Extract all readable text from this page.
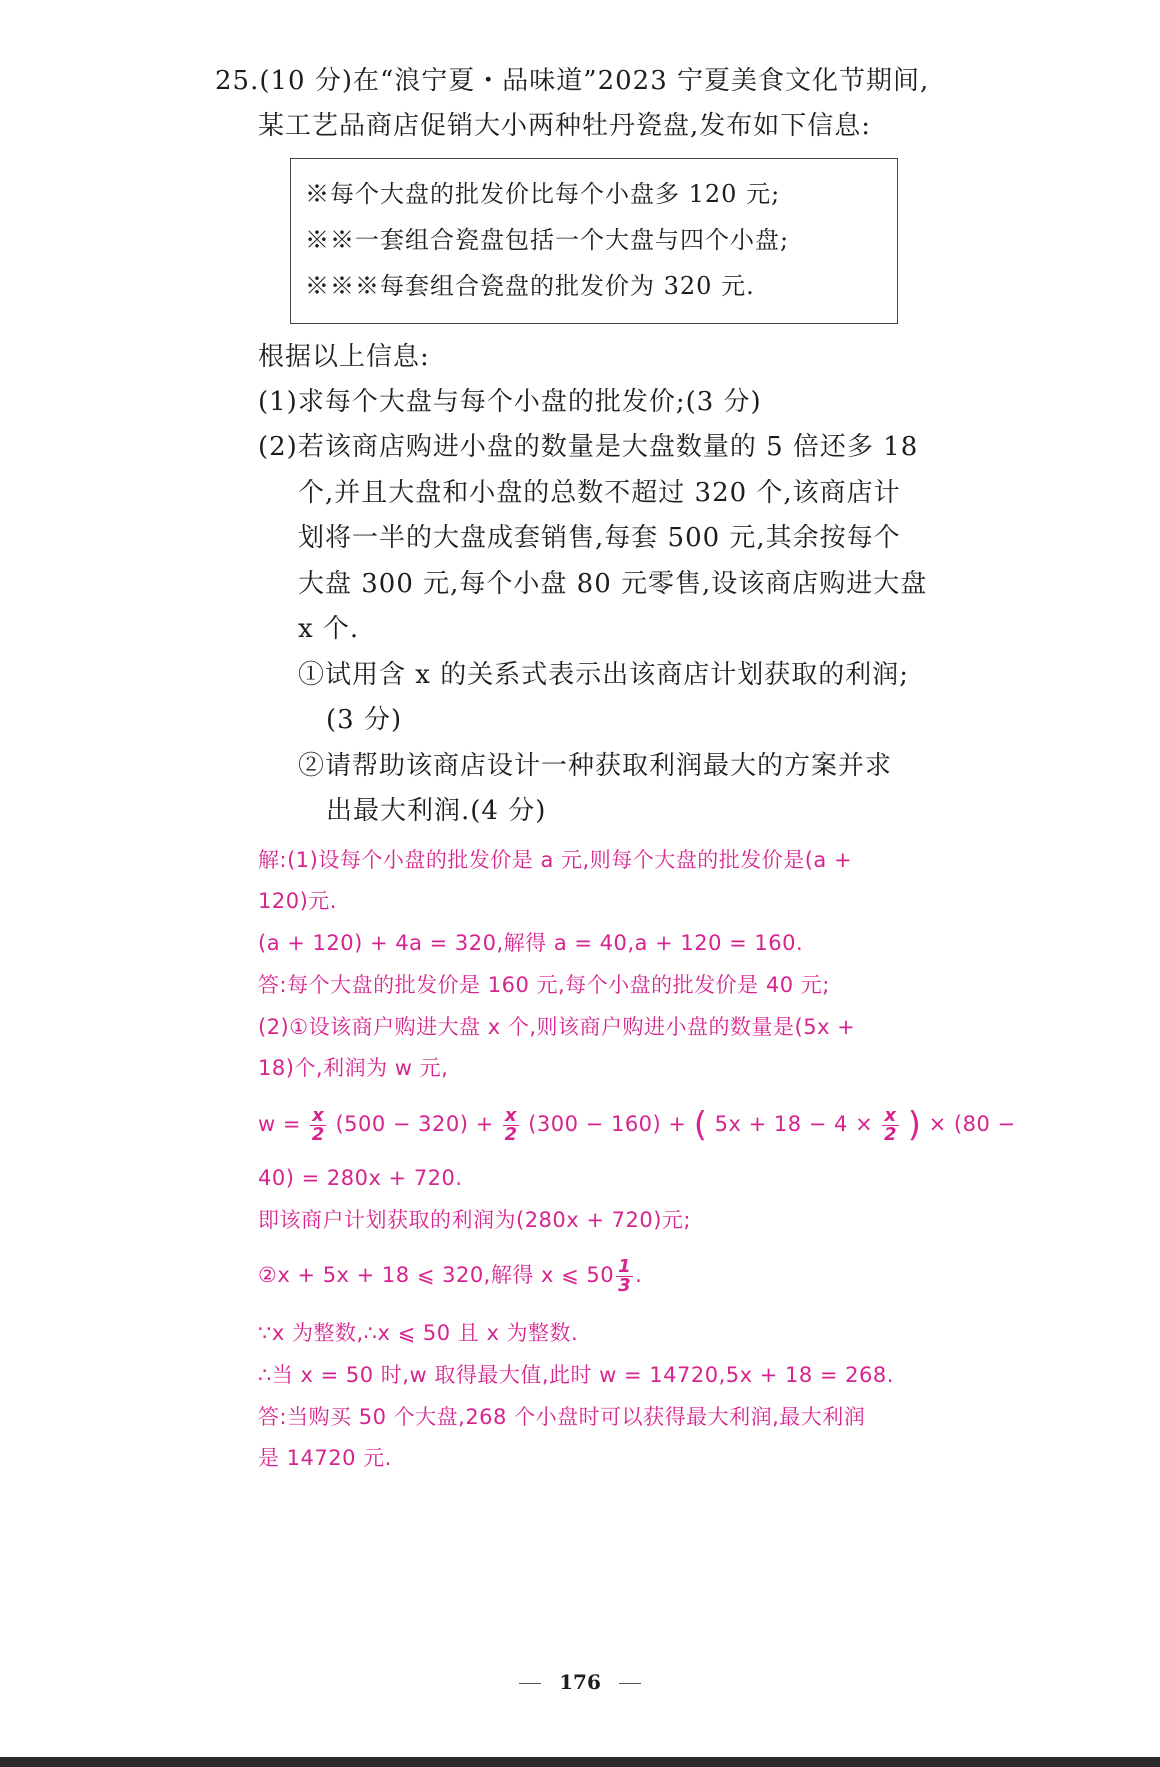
25.(10 分)在“浪宁夏・品味道”2023 宁夏美食文化节期间,
某工艺品商店促销大小两种牡丹瓷盘,发布如下信息:
※每个大盘的批发价比每个小盘多 120 元;
※※一套组合瓷盘包括一个大盘与四个小盘;
※※※每套组合瓷盘的批发价为 320 元.
根据以上信息:
(1)求每个大盘与每个小盘的批发价;(3 分)
(2)若该商店购进小盘的数量是大盘数量的 5 倍还多 18
个,并且大盘和小盘的总数不超过 320 个,该商店计
划将一半的大盘成套销售,每套 500 元,其余按每个
大盘 300 元,每个小盘 80 元零售,设该商店购进大盘
x 个.
①试用含 x 的关系式表示出该商店计划获取的利润;
(3 分)
②请帮助该商店设计一种获取利润最大的方案并求
出最大利润.(4 分)
解:(1)设每个小盘的批发价是 a 元,则每个大盘的批发价是(a +
120)元.
(a + 120) + 4a = 320,解得 a = 40,a + 120 = 160.
答:每个大盘的批发价是 160 元,每个小盘的批发价是 40 元;
(2)①设该商户购进大盘 x 个,则该商户购进小盘的数量是(5x +
18)个,利润为 w 元,
$w = \frac{x}{2} (500 - 320) + \frac{x}{2} (300 - 160)$ + ( $5x + 18 - 4 \times \frac{x}{2}$ ) × (80 −
40) = 280x + 720.
即该商户计划获取的利润为(280x + 720)元;
②x + 5x + 18 ⩽ 320,解得 x ⩽ $50 \frac{1}{3}$ .
∵x 为整数,∴x ⩽ 50 且 x 为整数.
∴当 x = 50 时,w 取得最大值,此时 w = 14720,5x + 18 = 268.
答:当购买 50 个大盘,268 个小盘时可以获得最大利润,最大利润
是 14720 元.
176
